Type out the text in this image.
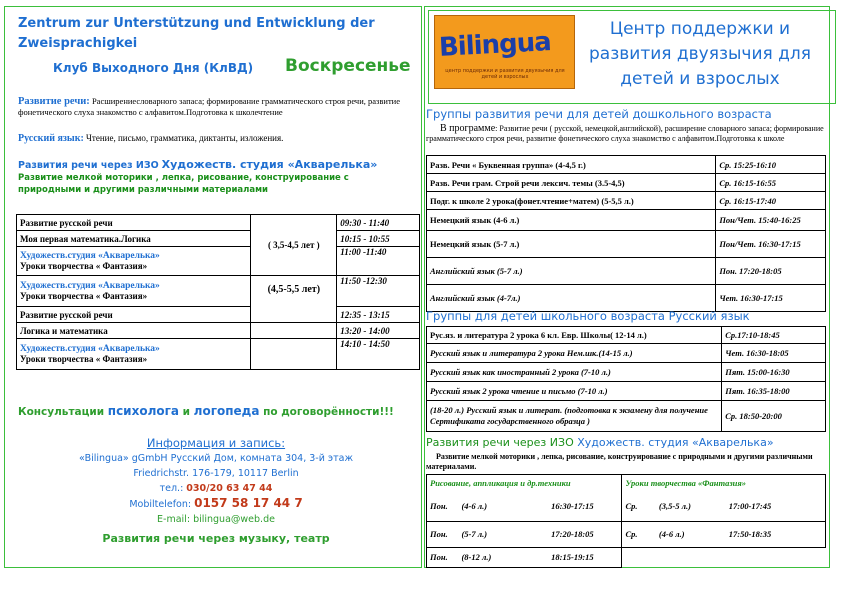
Zentrum zur Unterstützung und Entwicklung der Zweisprachigkei
Клуб Выходного Дня (КлВД) Воскресенье
Развитие речи: Расширениесловарного запаса; формирование грамматического строя речи, развитие фонетического слуха знакомство с алфавитом.Подготовка к школечтение
Русский язык: Чтение, письмо, грамматика, диктанты, изложения.
Развития речи через ИЗО Художеств. студия «Акварелька» Развитие мелкой моторики , лепка, рисование, конструирование с природными и другими различными материалами
Развитие русской речи	( 3,5-4,5 лет )	09:30 - 11:40
Моя первая математика.Логика		10:15 - 10:55

Художеств.студия «Акварелька»
Уроки творчества « Фантазия»		11:00 -11:40

Художеств.студия «Акварелька»
Уроки творчества « Фантазия»	(4,5-5,5 лет)	11:50 -12:30
Развитие русской речи		12:35 - 13:15
Логика и математика		13:20 - 14:00

Художеств.студия «Акварелька»
Уроки творчества « Фантазия»		14:10 - 14:50
Консультации психолога и логопеда по договорённости!!!
Информация и запись:
«Bilingua» gGmbH Русский Дом, комната 304, 3-й этаж
Friedrichstr. 176-179, 10117 Berlin
тел.: 030/20 63 47 44
Mobiltelefon: 0157 58 17 44 7
E-mail: bilingua@web.de
Развития речи через музыку, театр
Bilingua
центр поддержки и развития двуязычия для детей и взрослых
Центр поддержки и развития двуязычия для детей и взрослых
Группы развития речи для детей дошкольного возраста
В программе: Развитие речи ( русской, немецкой,английской), расширение словарного запаса; формирование грамматического строя речи, развитие фонетического слуха знакомство с алфавитом.Подготовка к школе
Разв. Речи « Буквенная группа» (4-4,5 г.)	Ср. 15:25-16:10
Разв. Речи грам. Строй речи лексич. темы (3.5-4,5)	Ср. 16:15-16:55
Подг. к школе 2 урока(фонет.чтение+матем) (5-5,5 л.)	Ср. 16:15-17:40
Немецкий язык (4-6 л.)	Пон/Чет. 15:40-16:25
Немецкий язык (5-7 л.)	Пон/Чет. 16:30-17:15
Английский язык (5-7 л.)	Пон. 17:20-18:05
Английский язык (4-7л.)	Чет. 16:30-17:15
Группы для детей школьного возраста Русский язык
Рус.яз. и литература 2 урока 6 кл. Евр. Школы( 12-14 л.)	Ср.17:10-18:45
Русский язык и литература 2 урока Нем.шк.(14-15 л.)	Чет. 16:30-18:05
Русский язык как иностранный 2 урока (7-10 л.)	Пят. 15:00-16:30
Русский язык 2 урока чтение и письмо (7-10 л.)	Пят. 16:35-18:00
(18-20 л.) Русский язык и литерат. (подготовка к экзамену для получение Сертификата государственного образца )	Ср. 18:50-20:00
Развития речи через ИЗО Художеств. студия «Акварелька»
Развитие мелкой моторики , лепка, рисование, конструирование с природными и другими различными материалами.
Рисование, аппликация и др.техники			Уроки творчества «Фантазия»		
Пон.	(4-6 л.)	16:30-17:15	Ср.	(3,5-5 л.)	17:00-17:45
Пон.	(5-7 л.)	17:20-18:05	Ср.	(4-6 л.)	17:50-18:35
Пон.	(8-12 л.)	18:15-19:15			
